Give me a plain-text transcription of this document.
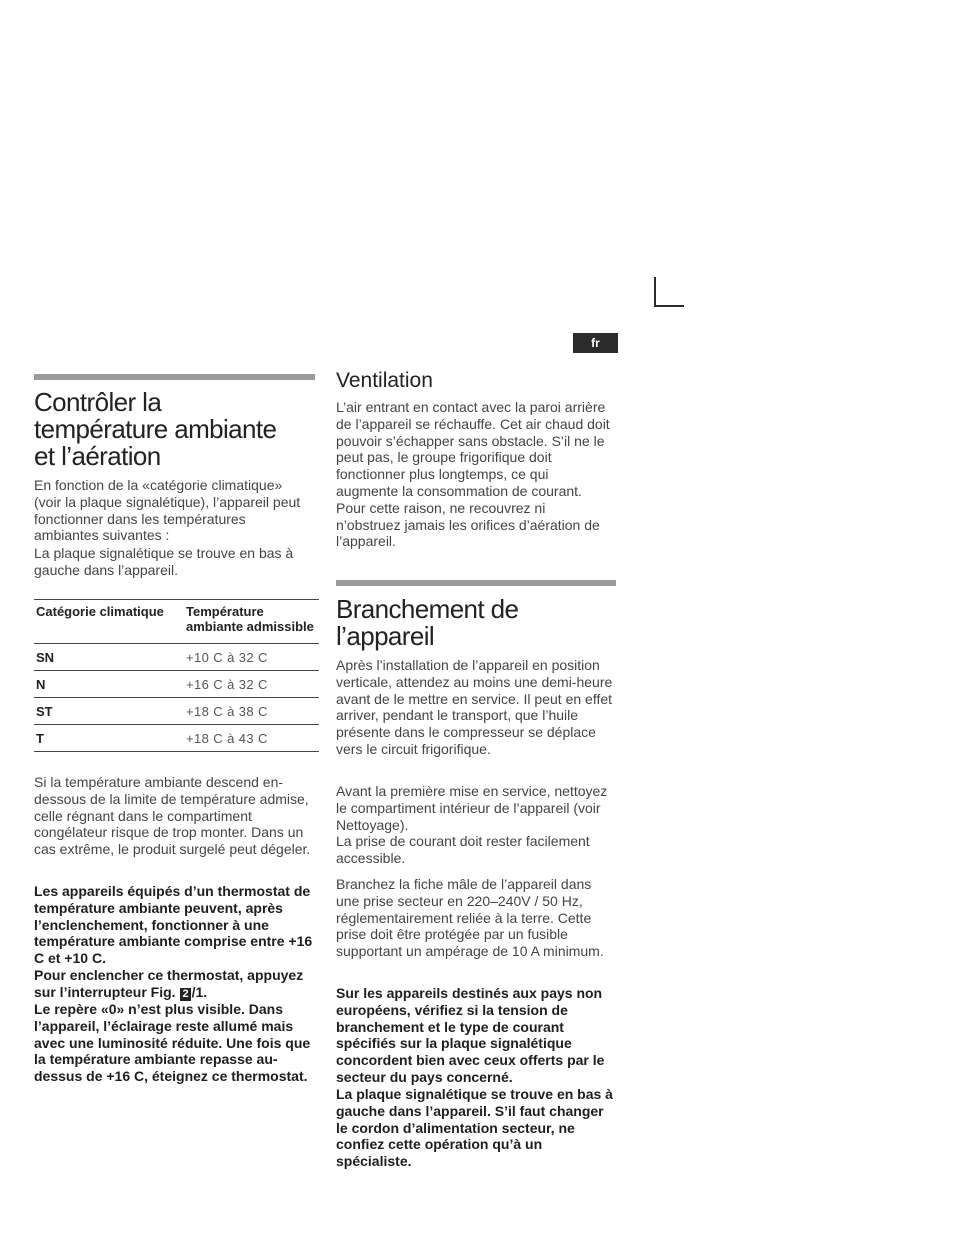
fr
Contrôler la
température ambiante
et l’aération

En fonction de la «catégorie climatique» (voir la plaque signalétique), l’appareil peut fonctionner dans les températures ambiantes suivantes :

La plaque signalétique se trouve en bas à gauche dans l’appareil.

Catégorie climatique	Température ambiante admissible
SN	+10 C à 32 C
N	+16 C à 32 C
ST	+18 C à 38 C
T	+18 C à 43 C

Si la température ambiante descend en-dessous de la limite de température admise, celle régnant dans le compartiment congélateur risque de trop monter. Dans un cas extrême, le produit surgelé peut dégeler.

Les appareils équipés d’un thermostat de température ambiante peuvent, après l’enclenchement, fonctionner à une température ambiante comprise entre +16 C et +10 C.

Pour enclencher ce thermostat, appuyez sur l’interrupteur Fig. 2 /1.

Le repère «0» n’est plus visible. Dans l’appareil, l’éclairage reste allumé mais avec une luminosité réduite. Une fois que la température ambiante repasse au-dessus de +16 C, éteignez ce thermostat.

Ventilation

L’air entrant en contact avec la paroi arrière de l’appareil se réchauffe. Cet air chaud doit pouvoir s’échapper sans obstacle. S’il ne le peut pas, le groupe frigorifique doit fonctionner plus longtemps, ce qui augmente la consommation de courant. Pour cette raison, ne recouvrez ni n’obstruez jamais les orifices d’aération de l’appareil.

Branchement de
l’appareil

Après l’installation de l’appareil en position verticale, attendez au moins une demi-heure avant de le mettre en service. Il peut en effet arriver, pendant le transport, que l’huile présente dans le compresseur se déplace vers le circuit frigorifique.

Avant la première mise en service, nettoyez le compartiment intérieur de l’appareil (voir Nettoyage).

La prise de courant doit rester facilement accessible.

Branchez la fiche mâle de l’appareil dans une prise secteur en 220–240V / 50 Hz, réglementairement reliée à la terre. Cette prise doit être protégée par un fusible supportant un ampérage de 10 A minimum.

Sur les appareils destinés aux pays non européens, vérifiez si la tension de branchement et le type de courant spécifiés sur la plaque signalétique concordent bien avec ceux offerts par le secteur du pays concerné.

La plaque signalétique se trouve en bas à gauche dans l’appareil. S’il faut changer le cordon d’alimentation secteur, ne confiez cette opération qu’à un spécialiste.
